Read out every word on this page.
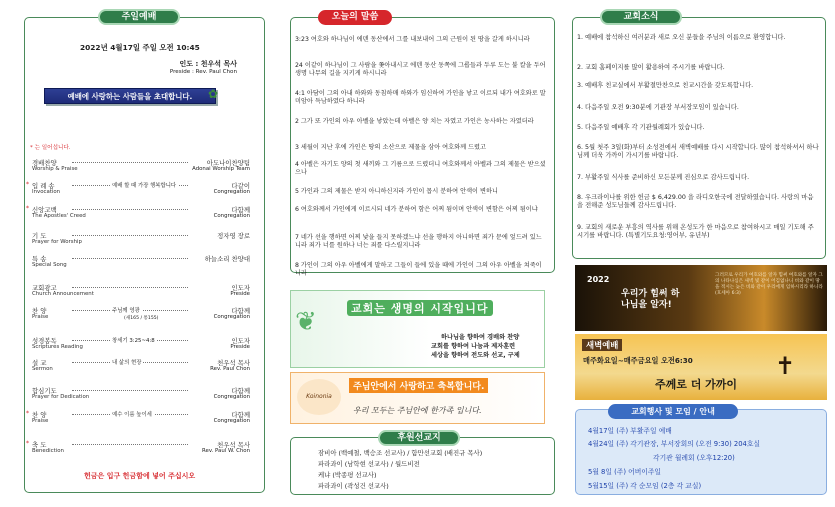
주일예배
2022년 4월17일 주일 오전 10:45
인도 : 천우석 목사
Preside : Rev. Paul Chon
예배에 사랑하는 사람들을 초대합니다.	✿
* 는 일어섭니다.
경배찬양
Worship & Praise
아도나이찬양팀
Adonai Worship Team
* 입 례 송
Invocation
예배 할 때 가장 행복합니다	다같이
Congregation
* 신앙고백
The Apostles' Creed
다함께
Congregation
기 도
Prayer for Worship
정자영 장로
특 송
Special Song
하늘소리 찬양대
교회광고
Church Announcement
인도자
Preside
찬 양
Praise
주님께 영광
(새165 / 통155)
다함께
Congregation
성경봉독
Scriptures Reading
창세기 3:25~4:8	인도자
Preside
설 교
Sermon
내 삶의 현장	천우석 목사
Rev. Paul Chon
합심기도
Prayer for Dedication
다함께
Congregation
* 찬 양
Praise
예수 이름 높이세	다함께
Congregation
* 축 도
Benediction
천우석 목사
Rev. Paul W. Chon
헌금은 입구 헌금함에 넣어 주십시오
오늘의 말씀
3:23 여호와 하나님이 에덴 동산에서 그를 내보내어 그의 근원이 된 땅을 갈게 하시니라
24 이같이 하나님이 그 사람을 쫓아내시고 에덴 동산 동쪽에 그룹들과 두루 도는 불 칼을 두어 생명 나무의 길을 지키게 하시니라
4:1 아담이 그의 아내 하와와 동침하매 하와가 임신하여 가인을 낳고 이르되 내가 여호와로 말미암아 득남하였다 하니라
2 그가 또 가인의 아우 아벨을 낳았는데 아벨은 양 치는 자였고 가인은 농사하는 자였더라
3 세월이 지난 후에 가인은 땅의 소산으로 제물을 삼아 여호와께 드렸고
4 아벨은 자기도 양의 첫 새끼와 그 기름으로 드렸더니 여호와께서 아벨과 그의 제물은 받으셨으나
5 가인과 그의 제물은 받지 아니하신지라 가인이 몹시 분하여 안색이 변하니
6 여호와께서 가인에게 이르시되 네가 분하여 함은 어찌 됨이며 안색이 변함은 어찌 됨이냐
7 네가 선을 행하면 어찌 낯을 들지 못하겠느냐 선을 행하지 아니하면 죄가 문에 엎드려 있느니라 죄가 너를 원하나 너는 죄를 다스릴지니라
8 가인이 그의 아우 아벨에게 말하고 그들이 들에 있을 때에 가인이 그의 아우 아벨을 쳐죽이니라
❦	교회는 생명의 시작입니다
하나님을 향하여 경배와 찬양
교회를 향하여 나눔과 제자훈련
세상을 향하여 전도와 선교, 구제
Koinonia
주님안에서 사랑하고 축복합니다.
우리 모두는 주님안에 한가족 입니다.
후원선교지
잠비아 (백예철, 백승조 선교사) / 함만선교회 (배진규 목사)
파라과이 (남학현 선교사) / 월드비전
케냐 (박종평 선교사)
파라과이 (곽성건 선교사)
교회소식
1. 예배에 참석하신 여러분과 새로 오신 분들을 주님의 이름으로 환영합니다.
2. 교회 홈페이지를 많이 활용하여 주시기를 바랍니다.
3. 예배후 친교실에서 부활절만찬으로 친교시간을 갖도록합니다.
4. 다음주일 오전 9:30분에 기관장 부서장모임이 있습니다.
5. 다음주일 예배후 각 기관월례회가 있습니다.
6. 5월 첫주 3일(화)부터 소성전에서 새벽예배를 다시 시작합니다. 많이 참석하셔서 하나님께 더욱 가까이 가시기를 바랍니다.
7. 부활주일 식사를 준비하신 모든분께 진심으로 감사드립니다.
8. 우크라이나를 위한 헌금 $ 6,429.00 을 라디오한국에 전달하였습니다. 사랑의 마음을 전해준 성도님들께 감사드립니다.
9. 교회의 새로운 부흥의 역사를 위해 온성도가 한 마음으로 참여하시고 매일 기도해 주시기를 바랍니다. (특별기도요청:영어부, 유년부)
2022
우리가 힘써 하나님을 알자!
그러므로 우리가 여호와를 알자 힘써 여호와를 알자 그의 나타나심은 새벽 빛 같이 어김없나니 비와 같이 땅을 적시는 늦은 비와 같이 우리에게 임하시리라 하니라 (호세아 6:3)
새벽예배
매주화요일~매주금요일 오전6:30	✝
주께로 더 가까이
교회행사 및 모임 / 안내
4월17일 (주) 부활주일 예배
4월24일 (주) 각기관장, 부서장회의 (오전 9:30) 204호실
각기관 월례회 (오후12:20)
5월 8일 (주) 어버이주일
5월15일 (주) 각 순모임 (2층 각 교실)
